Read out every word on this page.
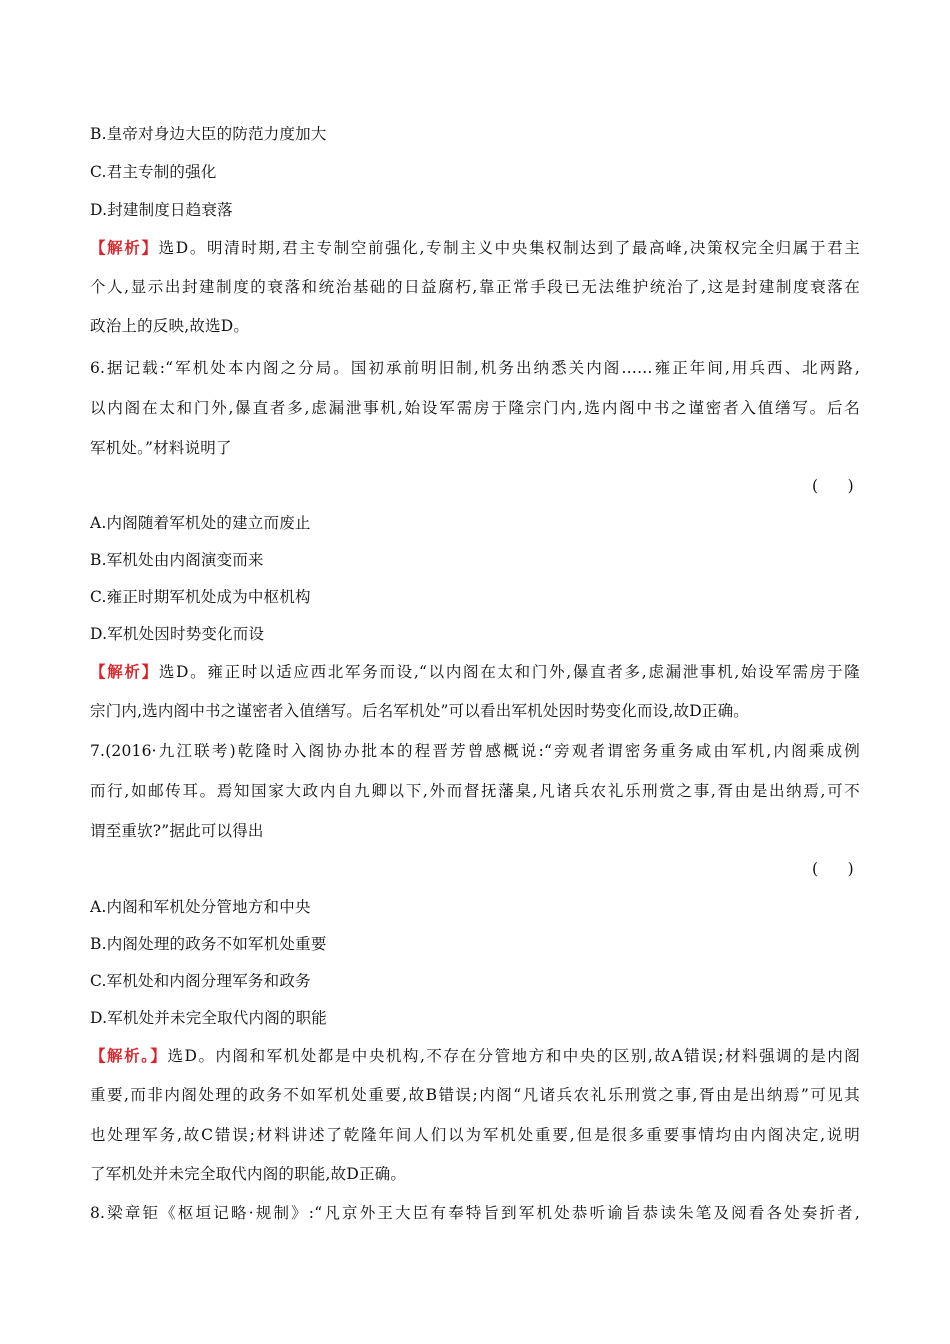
B.皇帝对身边大臣的防范力度加大
C.君主专制的强化
D.封建制度日趋衰落
【解析】选D。明清时期,君主专制空前强化,专制主义中央集权制达到了最高峰,决策权完全归属于君主
个人,显示出封建制度的衰落和统治基础的日益腐朽,靠正常手段已无法维护统治了,这是封建制度衰落在
政治上的反映,故选D。
6.据记载:“军机处本内阁之分局。国初承前明旧制,机务出纳悉关内阁……雍正年间,用兵西、北两路,
以内阁在太和门外,儤直者多,虑漏泄事机,始设军需房于隆宗门内,选内阁中书之谨密者入值缮写。后名
军机处。”材料说明了
(      )
A.内阁随着军机处的建立而废止
B.军机处由内阁演变而来
C.雍正时期军机处成为中枢机构
D.军机处因时势变化而设
【解析】选D。雍正时以适应西北军务而设,“以内阁在太和门外,儤直者多,虑漏泄事机,始设军需房于隆
宗门内,选内阁中书之谨密者入值缮写。后名军机处”可以看出军机处因时势变化而设,故D正确。
7.(2016·九江联考)乾隆时入阁协办批本的程晋芳曾感概说:“旁观者谓密务重务咸由军机,内阁乘成例
而行,如邮传耳。焉知国家大政内自九卿以下,外而督抚藩臬,凡诸兵农礼乐刑赏之事,胥由是出纳焉,可不
谓至重欤?”据此可以得出
(      )
A.内阁和军机处分管地方和中央
B.内阁处理的政务不如军机处重要
C.军机处和内阁分理军务和政务
D.军机处并未完全取代内阁的职能
【解析。】选D。内阁和军机处都是中央机构,不存在分管地方和中央的区别,故A错误;材料强调的是内阁
重要,而非内阁处理的政务不如军机处重要,故B错误;内阁“凡诸兵农礼乐刑赏之事,胥由是出纳焉”可见其
也处理军务,故C错误;材料讲述了乾隆年间人们以为军机处重要,但是很多重要事情均由内阁决定,说明
了军机处并未完全取代内阁的职能,故D正确。
8.梁章钜《枢垣记略·规制》:“凡京外王大臣有奉特旨到军机处恭听谕旨恭读朱笔及阅看各处奏折者,
